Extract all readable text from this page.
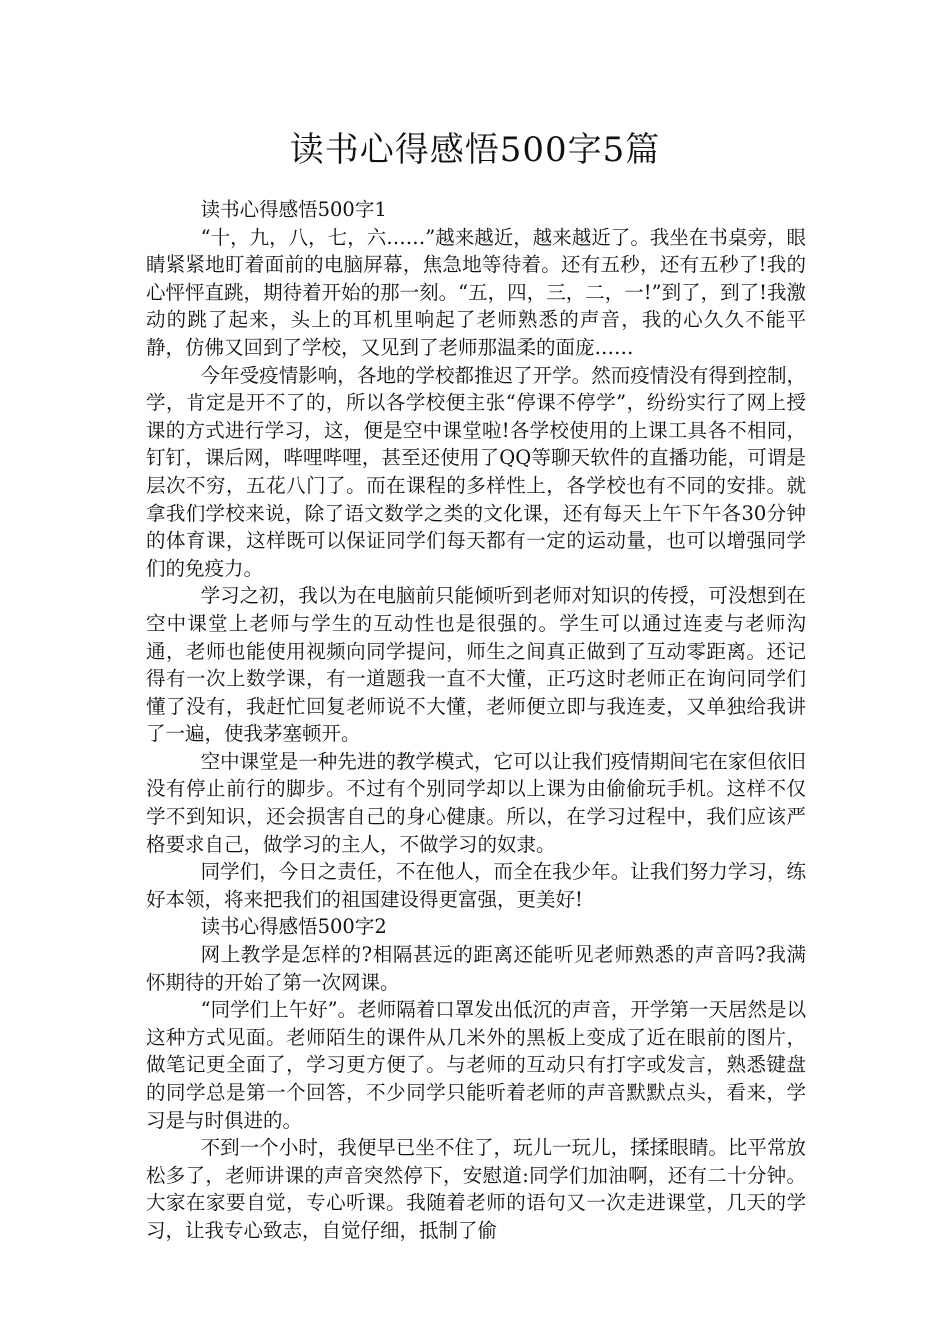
读书心得感悟500字5篇

读书心得感悟500字1

“十，九，八，七，六……”越来越近，越来越近了。我坐在书桌旁，眼睛紧紧地盯着面前的电脑屏幕，焦急地等待着。还有五秒，还有五秒了!我的心怦怦直跳，期待着开始的那一刻。“五，四，三，二，一!”到了，到了!我激动的跳了起来，头上的耳机里响起了老师熟悉的声音，我的心久久不能平静，仿佛又回到了学校，又见到了老师那温柔的面庞……

今年受疫情影响，各地的学校都推迟了开学。然而疫情没有得到控制，学，肯定是开不了的，所以各学校便主张“停课不停学”，纷纷实行了网上授课的方式进行学习，这，便是空中课堂啦!各学校使用的上课工具各不相同，钉钉，课后网，哔哩哔哩，甚至还使用了QQ等聊天软件的直播功能，可谓是层次不穷，五花八门了。而在课程的多样性上，各学校也有不同的安排。就拿我们学校来说，除了语文数学之类的文化课，还有每天上午下午各30分钟的体育课，这样既可以保证同学们每天都有一定的运动量，也可以增强同学们的免疫力。

学习之初，我以为在电脑前只能倾听到老师对知识的传授，可没想到在空中课堂上老师与学生的互动性也是很强的。学生可以通过连麦与老师沟通，老师也能使用视频向同学提问，师生之间真正做到了互动零距离。还记得有一次上数学课，有一道题我一直不大懂，正巧这时老师正在询问同学们懂了没有，我赶忙回复老师说不大懂，老师便立即与我连麦，又单独给我讲了一遍，使我茅塞顿开。

空中课堂是一种先进的教学模式，它可以让我们疫情期间宅在家但依旧没有停止前行的脚步。不过有个别同学却以上课为由偷偷玩手机。这样不仅学不到知识，还会损害自己的身心健康。所以，在学习过程中，我们应该严格要求自己，做学习的主人，不做学习的奴隶。

同学们，今日之责任，不在他人，而全在我少年。让我们努力学习，练好本领，将来把我们的祖国建设得更富强，更美好!

读书心得感悟500字2

网上教学是怎样的?相隔甚远的距离还能听见老师熟悉的声音吗?我满怀期待的开始了第一次网课。

“同学们上午好”。老师隔着口罩发出低沉的声音，开学第一天居然是以这种方式见面。老师陌生的课件从几米外的黑板上变成了近在眼前的图片，做笔记更全面了，学习更方便了。与老师的互动只有打字或发言，熟悉键盘的同学总是第一个回答，不少同学只能听着老师的声音默默点头，看来，学习是与时俱进的。

不到一个小时，我便早已坐不住了，玩儿一玩儿，揉揉眼睛。比平常放松多了，老师讲课的声音突然停下，安慰道:同学们加油啊，还有二十分钟。大家在家要自觉，专心听课。我随着老师的语句又一次走进课堂，几天的学习，让我专心致志，自觉仔细，抵制了偷
